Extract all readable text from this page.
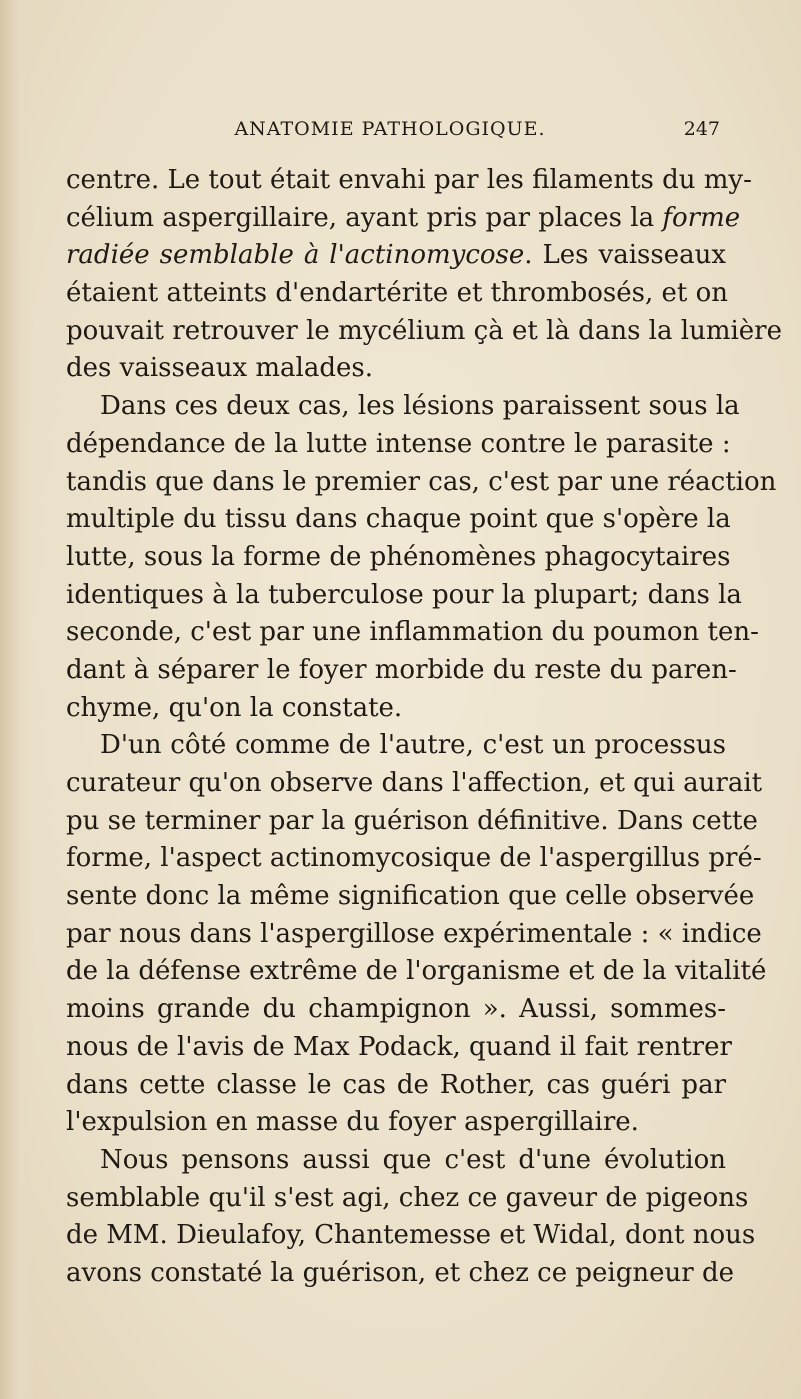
ANATOMIE PATHOLOGIQUE.	247
centre. Le tout était envahi par les filaments du my-
célium aspergillaire, ayant pris par places la forme
radiée semblable à l'actinomycose. Les vaisseaux
étaient atteints d'endartérite et thrombosés, et on
pouvait retrouver le mycélium çà et là dans la lumière
des vaisseaux malades.
Dans ces deux cas, les lésions paraissent sous la
dépendance de la lutte intense contre le parasite :
tandis que dans le premier cas, c'est par une réaction
multiple du tissu dans chaque point que s'opère la
lutte, sous la forme de phénomènes phagocytaires
identiques à la tuberculose pour la plupart; dans la
seconde, c'est par une inflammation du poumon ten-
dant à séparer le foyer morbide du reste du paren-
chyme, qu'on la constate.
D'un côté comme de l'autre, c'est un processus
curateur qu'on observe dans l'affection, et qui aurait
pu se terminer par la guérison définitive. Dans cette
forme, l'aspect actinomycosique de l'aspergillus pré-
sente donc la même signification que celle observée
par nous dans l'aspergillose expérimentale : « indice
de la défense extrême de l'organisme et de la vitalité
moins grande du champignon ». Aussi, sommes-
nous de l'avis de Max Podack, quand il fait rentrer
dans cette classe le cas de Rother, cas guéri par
l'expulsion en masse du foyer aspergillaire.
Nous pensons aussi que c'est d'une évolution
semblable qu'il s'est agi, chez ce gaveur de pigeons
de MM. Dieulafoy, Chantemesse et Widal, dont nous
avons constaté la guérison, et chez ce peigneur de
